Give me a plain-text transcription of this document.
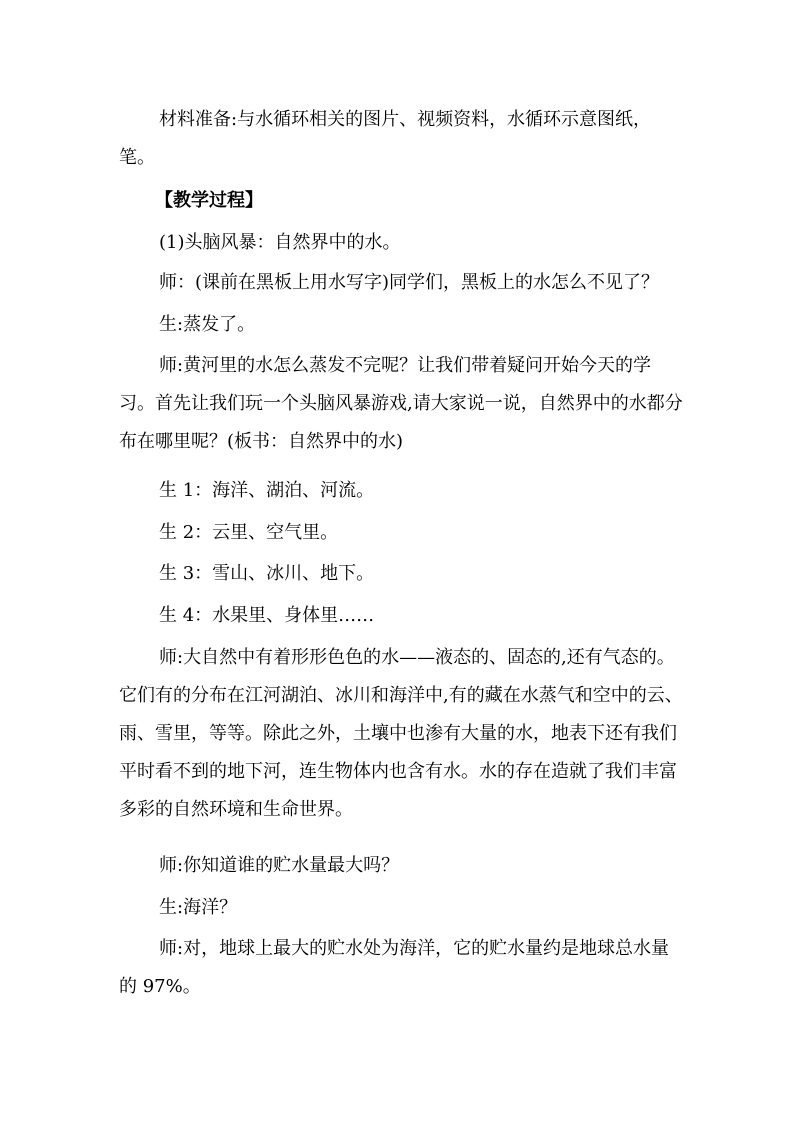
材料准备:与水循环相关的图片、视频资料，水循环示意图纸，笔。

【教学过程】

(1)头脑风暴：自然界中的水。

师：(课前在黑板上用水写字)同学们，黑板上的水怎么不见了？

生:蒸发了。

师:黄河里的水怎么蒸发不完呢？让我们带着疑问开始今天的学习。首先让我们玩一个头脑风暴游戏,请大家说一说，自然界中的水都分布在哪里呢？(板书：自然界中的水)

生 1：海洋、湖泊、河流。

生 2：云里、空气里。

生 3：雪山、冰川、地下。

生 4：水果里、身体里……

师:大自然中有着形形色色的水——液态的、固态的,还有气态的。它们有的分布在江河湖泊、冰川和海洋中,有的藏在水蒸气和空中的云、雨、雪里，等等。除此之外，土壤中也渗有大量的水，地表下还有我们平时看不到的地下河，连生物体内也含有水。水的存在造就了我们丰富多彩的自然环境和生命世界。

师:你知道谁的贮水量最大吗？

生:海洋？

师:对，地球上最大的贮水处为海洋，它的贮水量约是地球总水量的 97%。
